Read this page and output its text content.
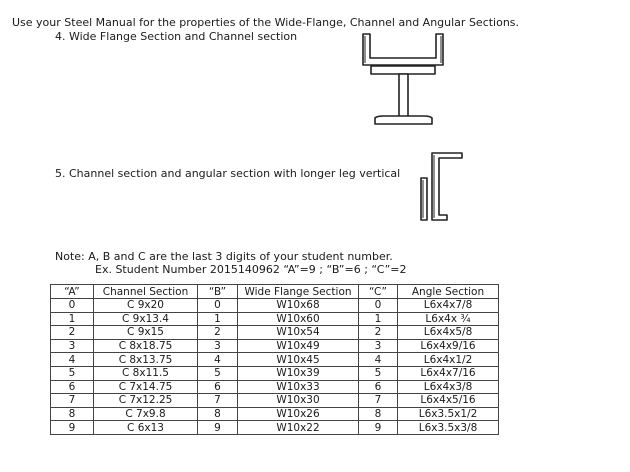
Use your Steel Manual for the properties of the Wide-Flange, Channel and Angular Sections.
4. Wide Flange Section and Channel section
5. Channel section and angular section with longer leg vertical
Note: A, B and C are the last 3 digits of your student number.
Ex. Student Number 2015140962 “A”=9 ; “B”=6 ; “C”=2
“A”	Channel Section	“B”	Wide Flange Section	“C”	Angle Section
0	C 9x20	0	W10x68	0	L6x4x7/8
1	C 9x13.4	1	W10x60	1	L6x4x ¾
2	C 9x15	2	W10x54	2	L6x4x5/8
3	C 8x18.75	3	W10x49	3	L6x4x9/16
4	C 8x13.75	4	W10x45	4	L6x4x1/2
5	C 8x11.5	5	W10x39	5	L6x4x7/16
6	C 7x14.75	6	W10x33	6	L6x4x3/8
7	C 7x12.25	7	W10x30	7	L6x4x5/16
8	C 7x9.8	8	W10x26	8	L6x3.5x1/2
9	C 6x13	9	W10x22	9	L6x3.5x3/8
